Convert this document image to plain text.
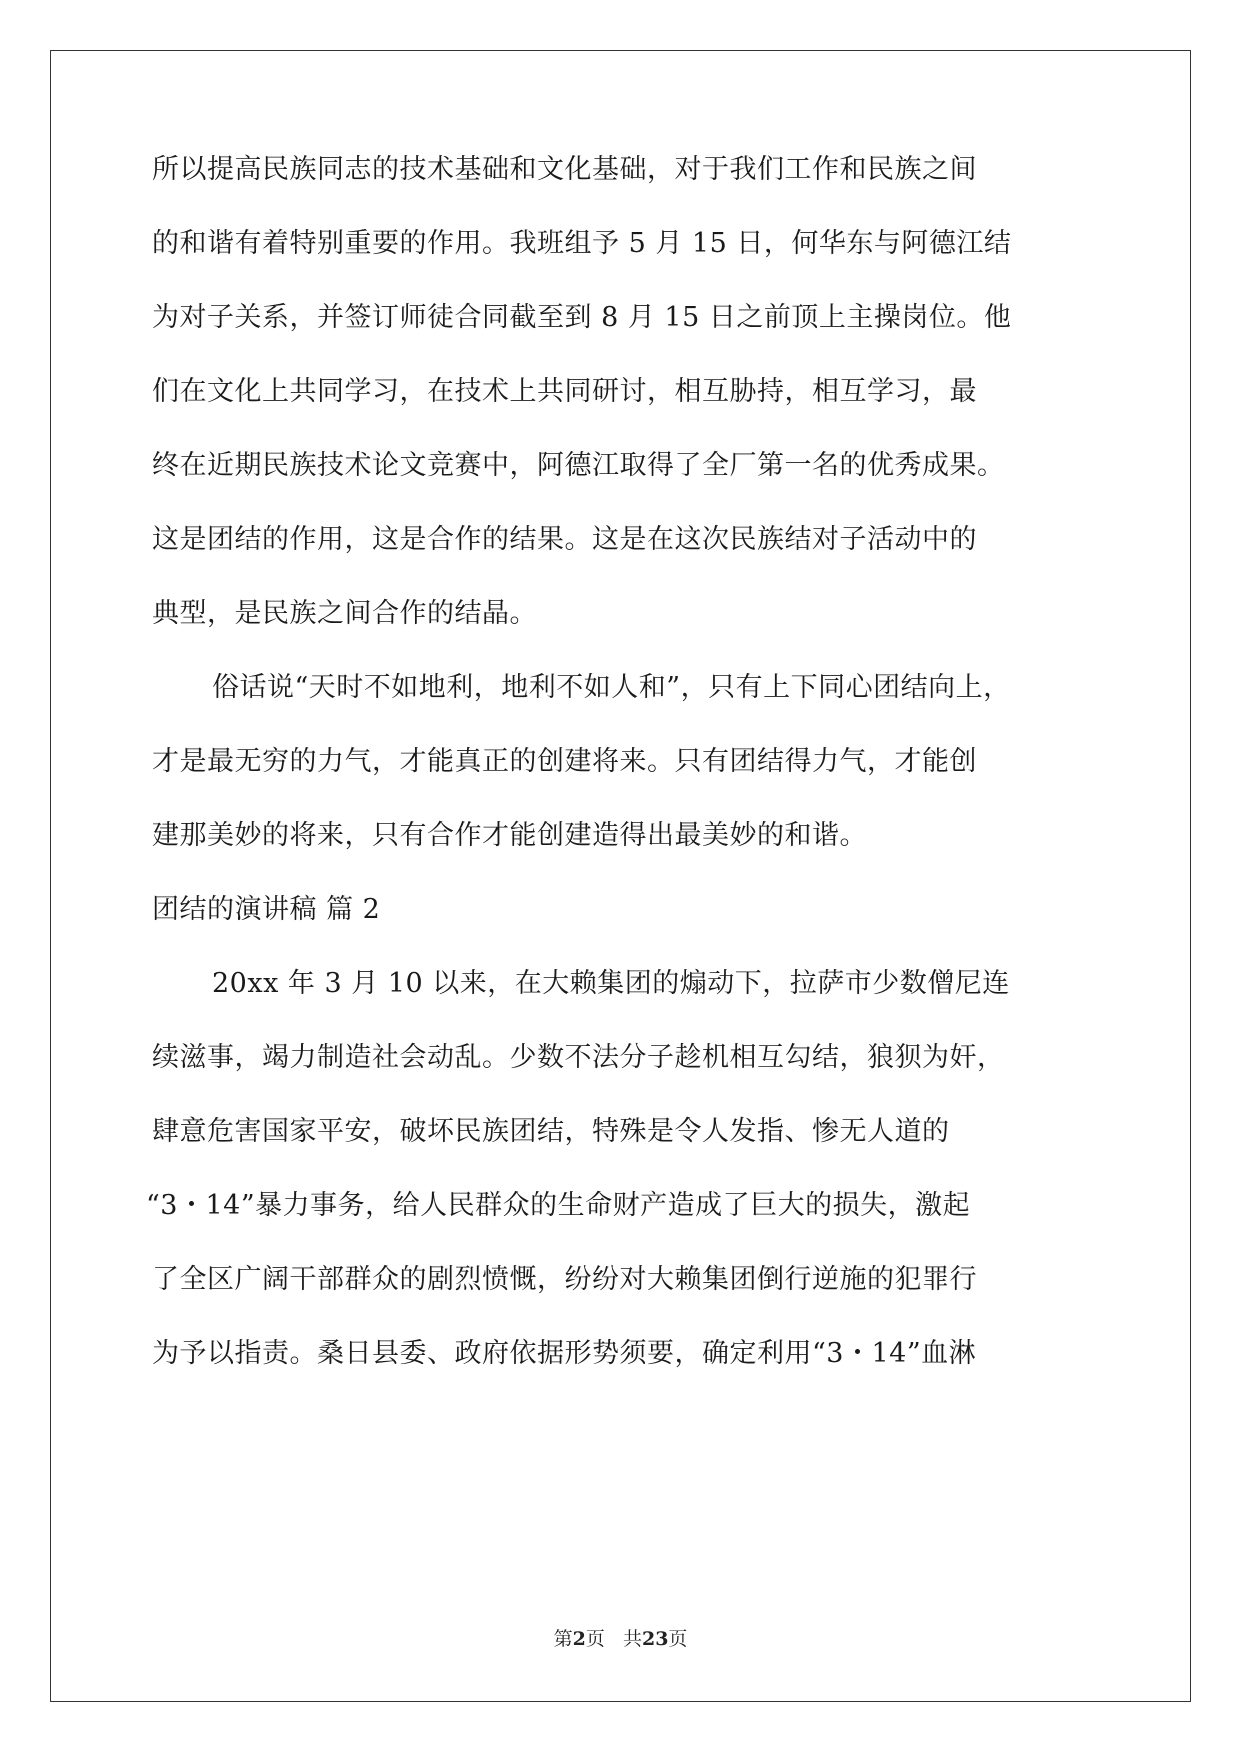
所以提高民族同志的技术基础和文化基础，对于我们工作和民族之间
的和谐有着特别重要的作用。我班组予 5 月 15 日，何华东与阿德江结
为对子关系，并签订师徒合同截至到 8 月 15 日之前顶上主操岗位。他
们在文化上共同学习，在技术上共同研讨，相互胁持，相互学习，最
终在近期民族技术论文竞赛中，阿德江取得了全厂第一名的优秀成果。
这是团结的作用，这是合作的结果。这是在这次民族结对子活动中的
典型，是民族之间合作的结晶。
俗话说“天时不如地利，地利不如人和”，只有上下同心团结向上，
才是最无穷的力气，才能真正的创建将来。只有团结得力气，才能创
建那美妙的将来，只有合作才能创建造得出最美妙的和谐。
团结的演讲稿 篇 2
20xx 年 3 月 10 以来，在大赖集团的煽动下，拉萨市少数僧尼连
续滋事，竭力制造社会动乱。少数不法分子趁机相互勾结，狼狈为奸，
肆意危害国家平安，破坏民族团结，特殊是令人发指、惨无人道的
“3・14”暴力事务，给人民群众的生命财产造成了巨大的损失，激起
了全区广阔干部群众的剧烈愤慨，纷纷对大赖集团倒行逆施的犯罪行
为予以指责。桑日县委、政府依据形势须要，确定利用“3・14”血淋
第2页 共23页
